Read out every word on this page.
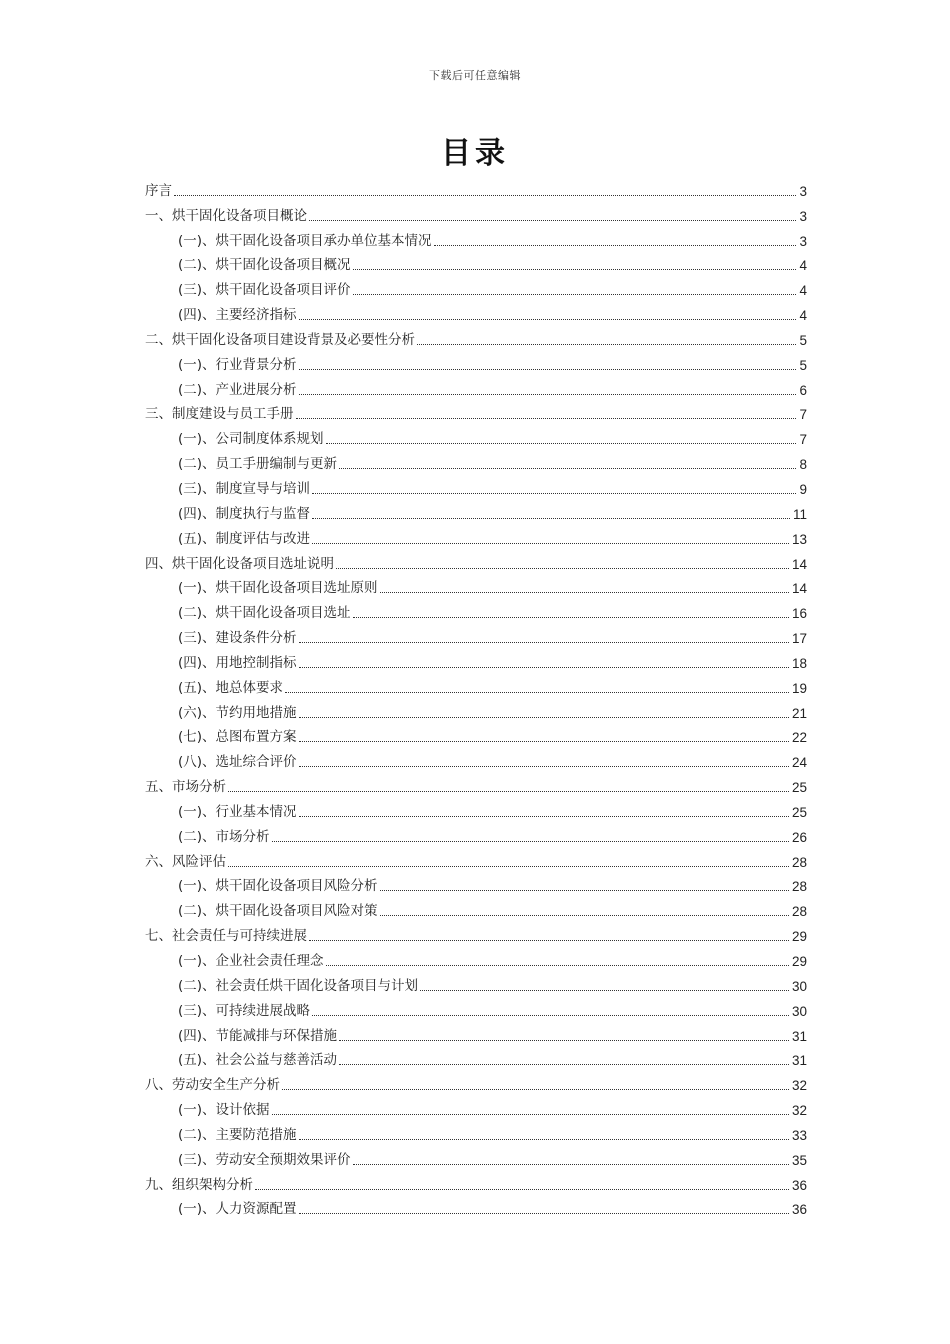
下载后可任意编辑
目录
序言	3
一、烘干固化设备项目概论	3
(一)、烘干固化设备项目承办单位基本情况	3
(二)、烘干固化设备项目概况	4
(三)、烘干固化设备项目评价	4
(四)、主要经济指标	4
二、烘干固化设备项目建设背景及必要性分析	5
(一)、行业背景分析	5
(二)、产业进展分析	6
三、制度建设与员工手册	7
(一)、公司制度体系规划	7
(二)、员工手册编制与更新	8
(三)、制度宣导与培训	9
(四)、制度执行与监督	11
(五)、制度评估与改进	13
四、烘干固化设备项目选址说明	14
(一)、烘干固化设备项目选址原则	14
(二)、烘干固化设备项目选址	16
(三)、建设条件分析	17
(四)、用地控制指标	18
(五)、地总体要求	19
(六)、节约用地措施	21
(七)、总图布置方案	22
(八)、选址综合评价	24
五、市场分析	25
(一)、行业基本情况	25
(二)、市场分析	26
六、风险评估	28
(一)、烘干固化设备项目风险分析	28
(二)、烘干固化设备项目风险对策	28
七、社会责任与可持续进展	29
(一)、企业社会责任理念	29
(二)、社会责任烘干固化设备项目与计划	30
(三)、可持续进展战略	30
(四)、节能减排与环保措施	31
(五)、社会公益与慈善活动	31
八、劳动安全生产分析	32
(一)、设计依据	32
(二)、主要防范措施	33
(三)、劳动安全预期效果评价	35
九、组织架构分析	36
(一)、人力资源配置	36
